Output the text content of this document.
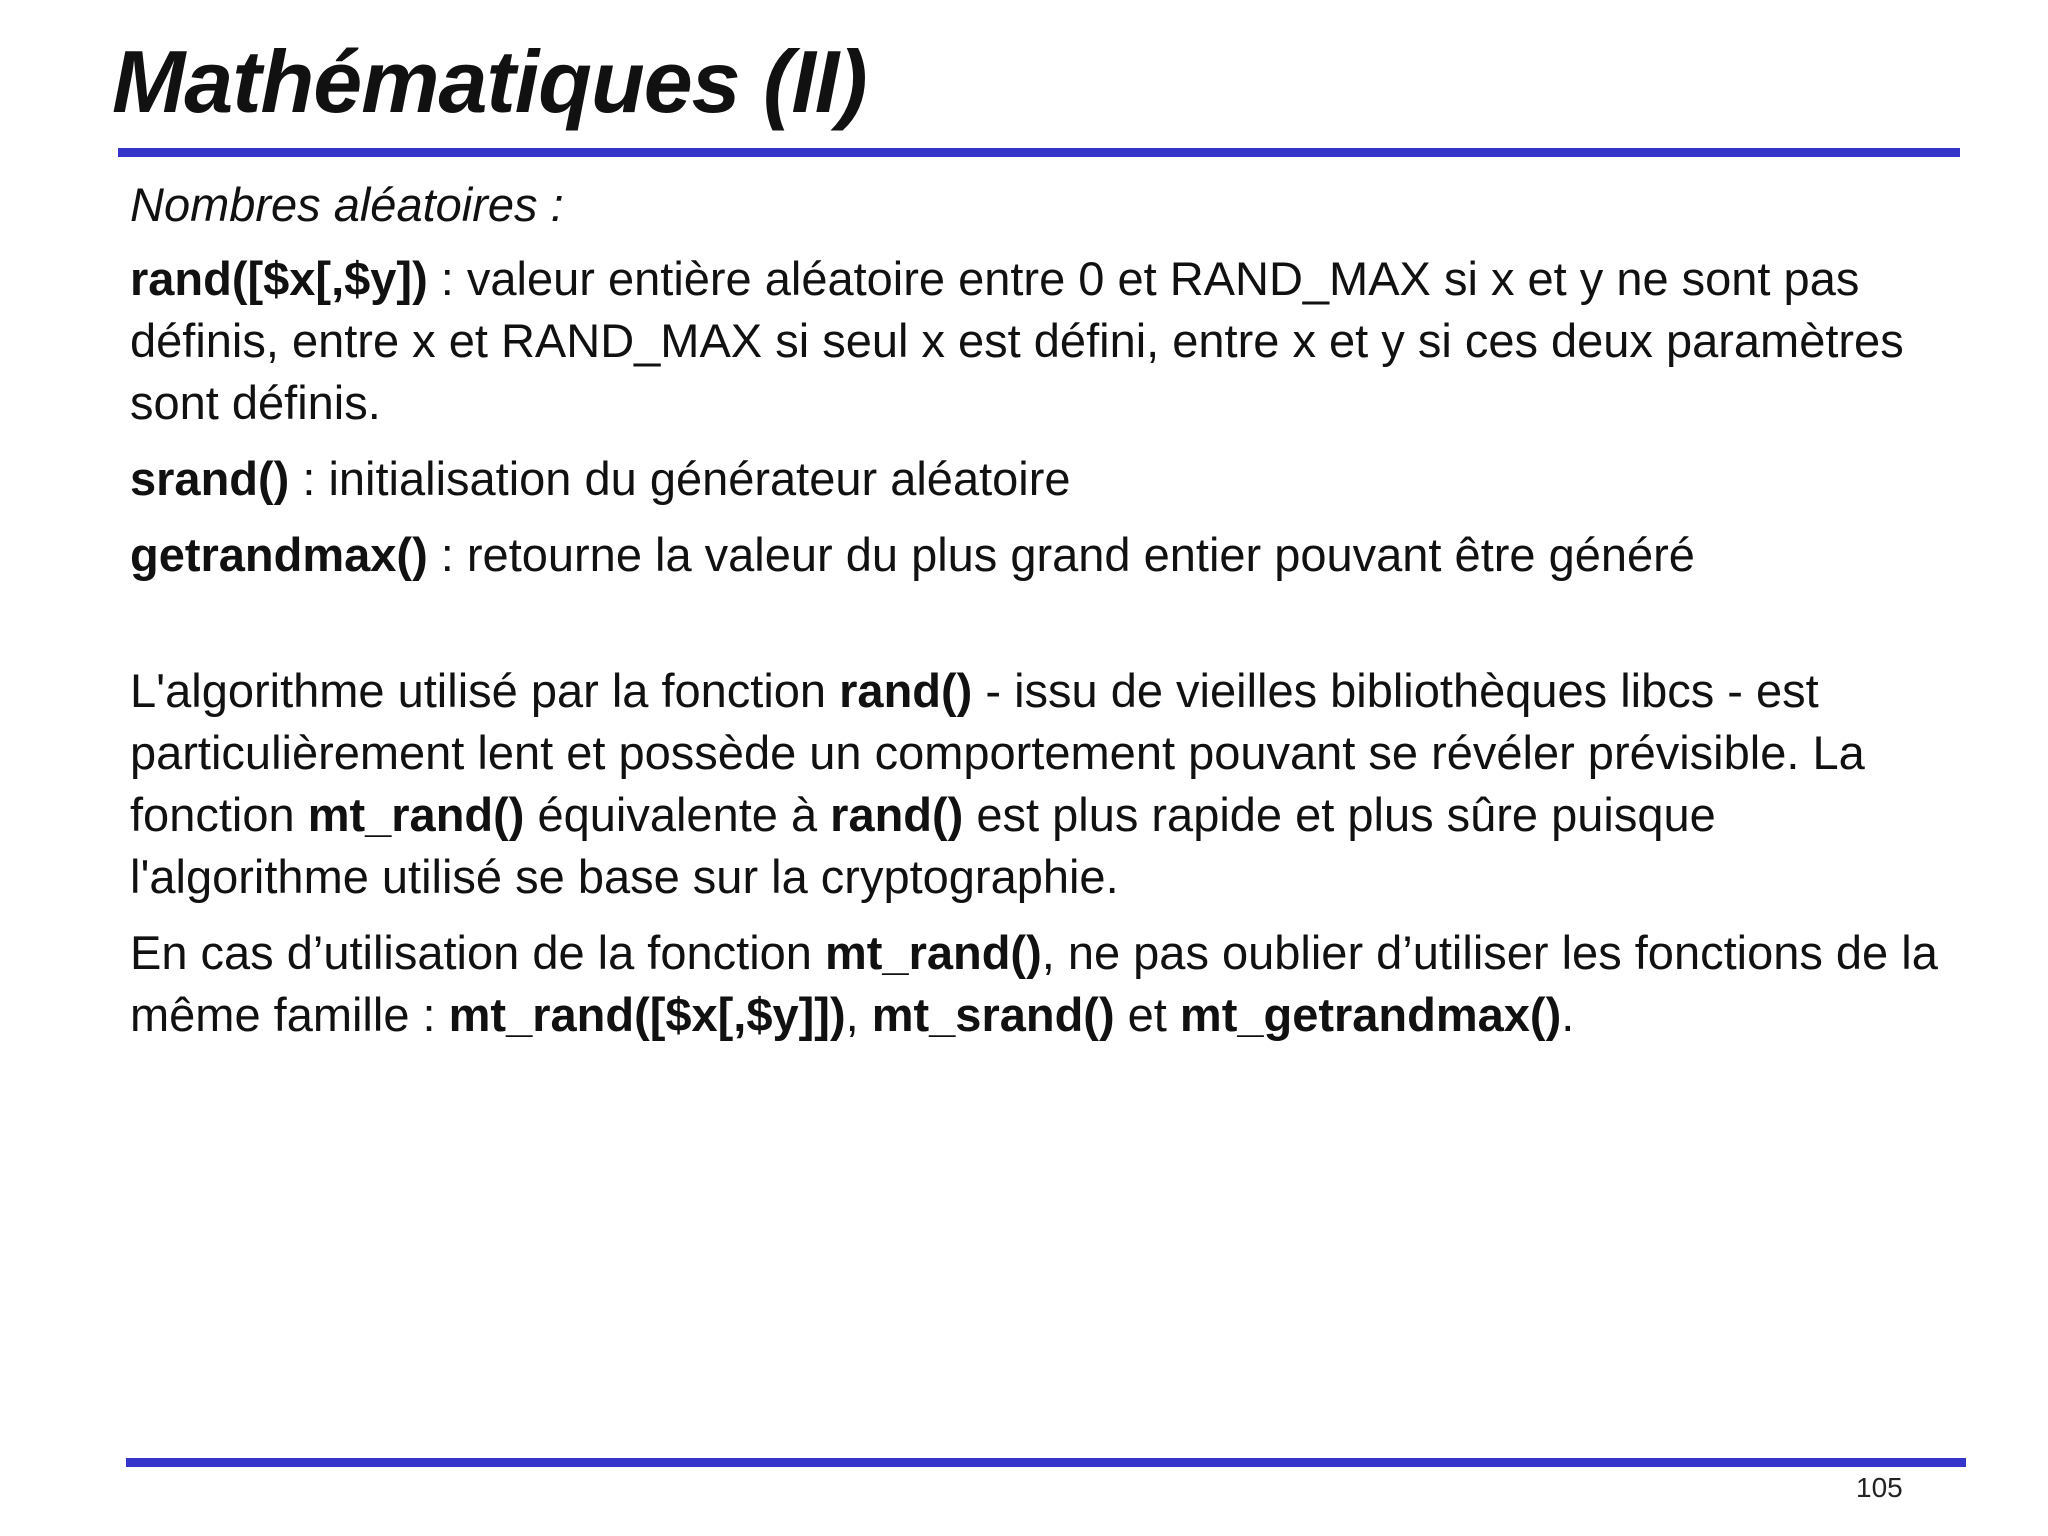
Mathématiques (II)

Nombres aléatoires :

rand([$x[,$y]) : valeur entière aléatoire entre 0 et RAND_MAX si x et y ne sont pas définis, entre x et RAND_MAX si seul x est défini, entre x et y si ces deux paramètres sont définis.

srand() : initialisation du générateur aléatoire

getrandmax() : retourne la valeur du plus grand entier pouvant être généré

L'algorithme utilisé par la fonction rand() - issu de vieilles bibliothèques libcs - est particulièrement lent et possède un comportement pouvant se révéler prévisible. La fonction mt_rand() équivalente à rand() est plus rapide et plus sûre puisque l'algorithme utilisé se base sur la cryptographie.

En cas d’utilisation de la fonction mt_rand(), ne pas oublier d’utiliser les fonctions de la même famille : mt_rand([$x[,$y]]), mt_srand() et mt_getrandmax().

105
